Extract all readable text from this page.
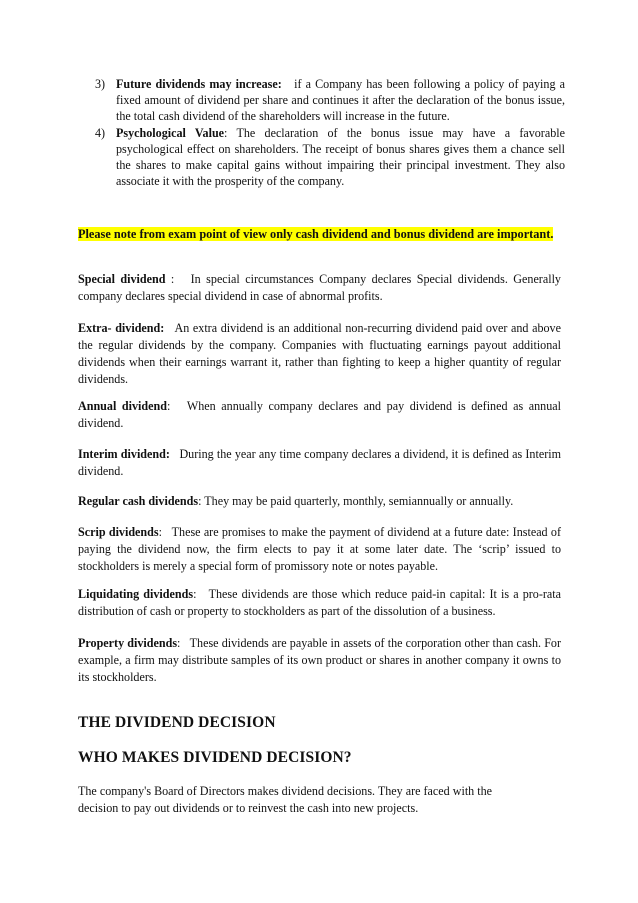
3) Future dividends may increase: if a Company has been following a policy of paying a fixed amount of dividend per share and continues it after the declaration of the bonus issue, the total cash dividend of the shareholders will increase in the future.
4) Psychological Value: The declaration of the bonus issue may have a favorable psychological effect on shareholders. The receipt of bonus shares gives them a chance sell the shares to make capital gains without impairing their principal investment. They also associate it with the prosperity of the company.
Please note from exam point of view only cash dividend and bonus dividend are important.
Special dividend : In special circumstances Company declares Special dividends. Generally company declares special dividend in case of abnormal profits.
Extra- dividend: An extra dividend is an additional non-recurring dividend paid over and above the regular dividends by the company. Companies with fluctuating earnings payout additional dividends when their earnings warrant it, rather than fighting to keep a higher quantity of regular dividends.
Annual dividend: When annually company declares and pay dividend is defined as annual dividend.
Interim dividend: During the year any time company declares a dividend, it is defined as Interim dividend.
Regular cash dividends: They may be paid quarterly, monthly, semiannually or annually.
Scrip dividends: These are promises to make the payment of dividend at a future date: Instead of paying the dividend now, the firm elects to pay it at some later date. The ‘scrip’ issued to stockholders is merely a special form of promissory note or notes payable.
Liquidating dividends: These dividends are those which reduce paid-in capital: It is a pro-rata distribution of cash or property to stockholders as part of the dissolution of a business.
Property dividends: These dividends are payable in assets of the corporation other than cash. For example, a firm may distribute samples of its own product or shares in another company it owns to its stockholders.
THE DIVIDEND DECISION
WHO MAKES DIVIDEND DECISION?
The company's Board of Directors makes dividend decisions. They are faced with the decision to pay out dividends or to reinvest the cash into new projects.
